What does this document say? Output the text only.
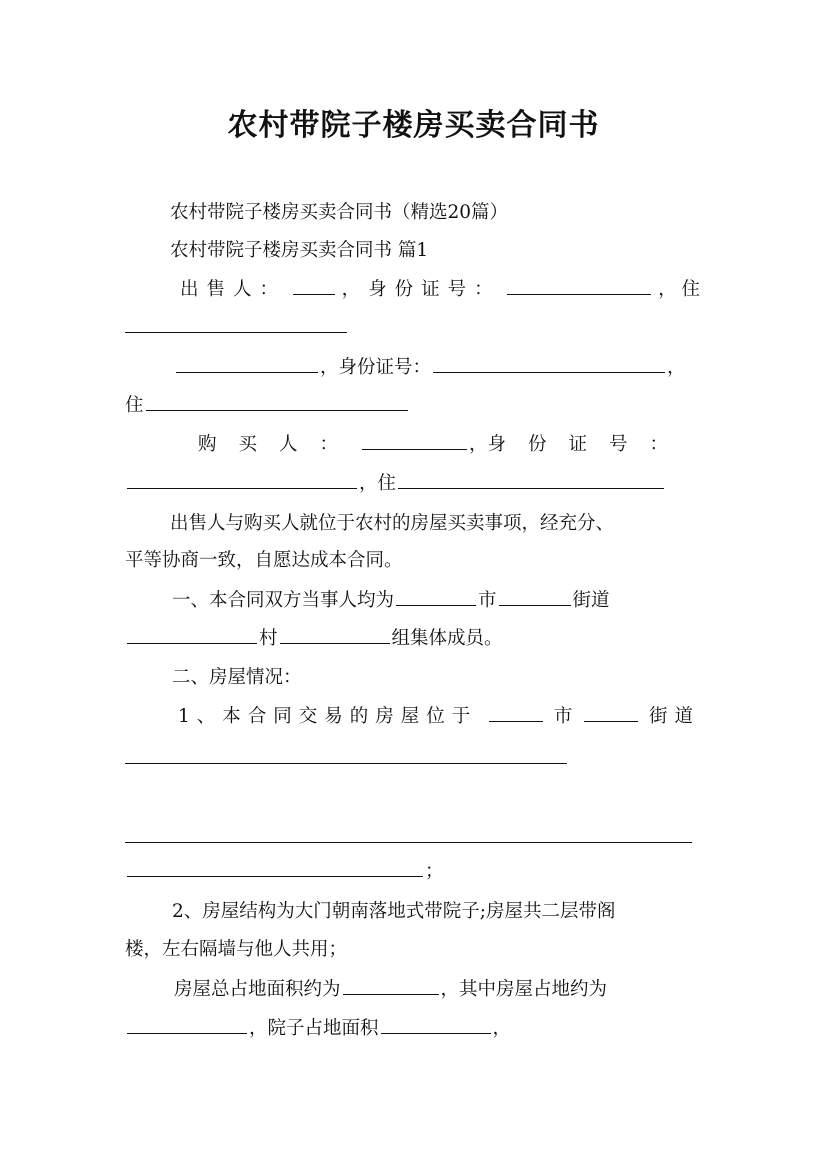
农村带院子楼房买卖合同书
农村带院子楼房买卖合同书（精选20篇）
农村带院子楼房买卖合同书 篇1
出售人：	，身份证号：	， 住
，身份证号：	，
住
购买人：	， 身份证号：
，住
出售人与购买人就位于农村的房屋买卖事项，经充分、
平等协商一致，自愿达成本合同。
一、本合同双方当事人均为	市	街道
村	组集体成员。
二、房屋情况：
1、本合同交易的房屋位于	市	街道
；
2、房屋结构为大门朝南落地式带院子;房屋共二层带阁
楼，左右隔墙与他人共用；
房屋总占地面积约为	，其中房屋占地约为
，院子占地面积	，
